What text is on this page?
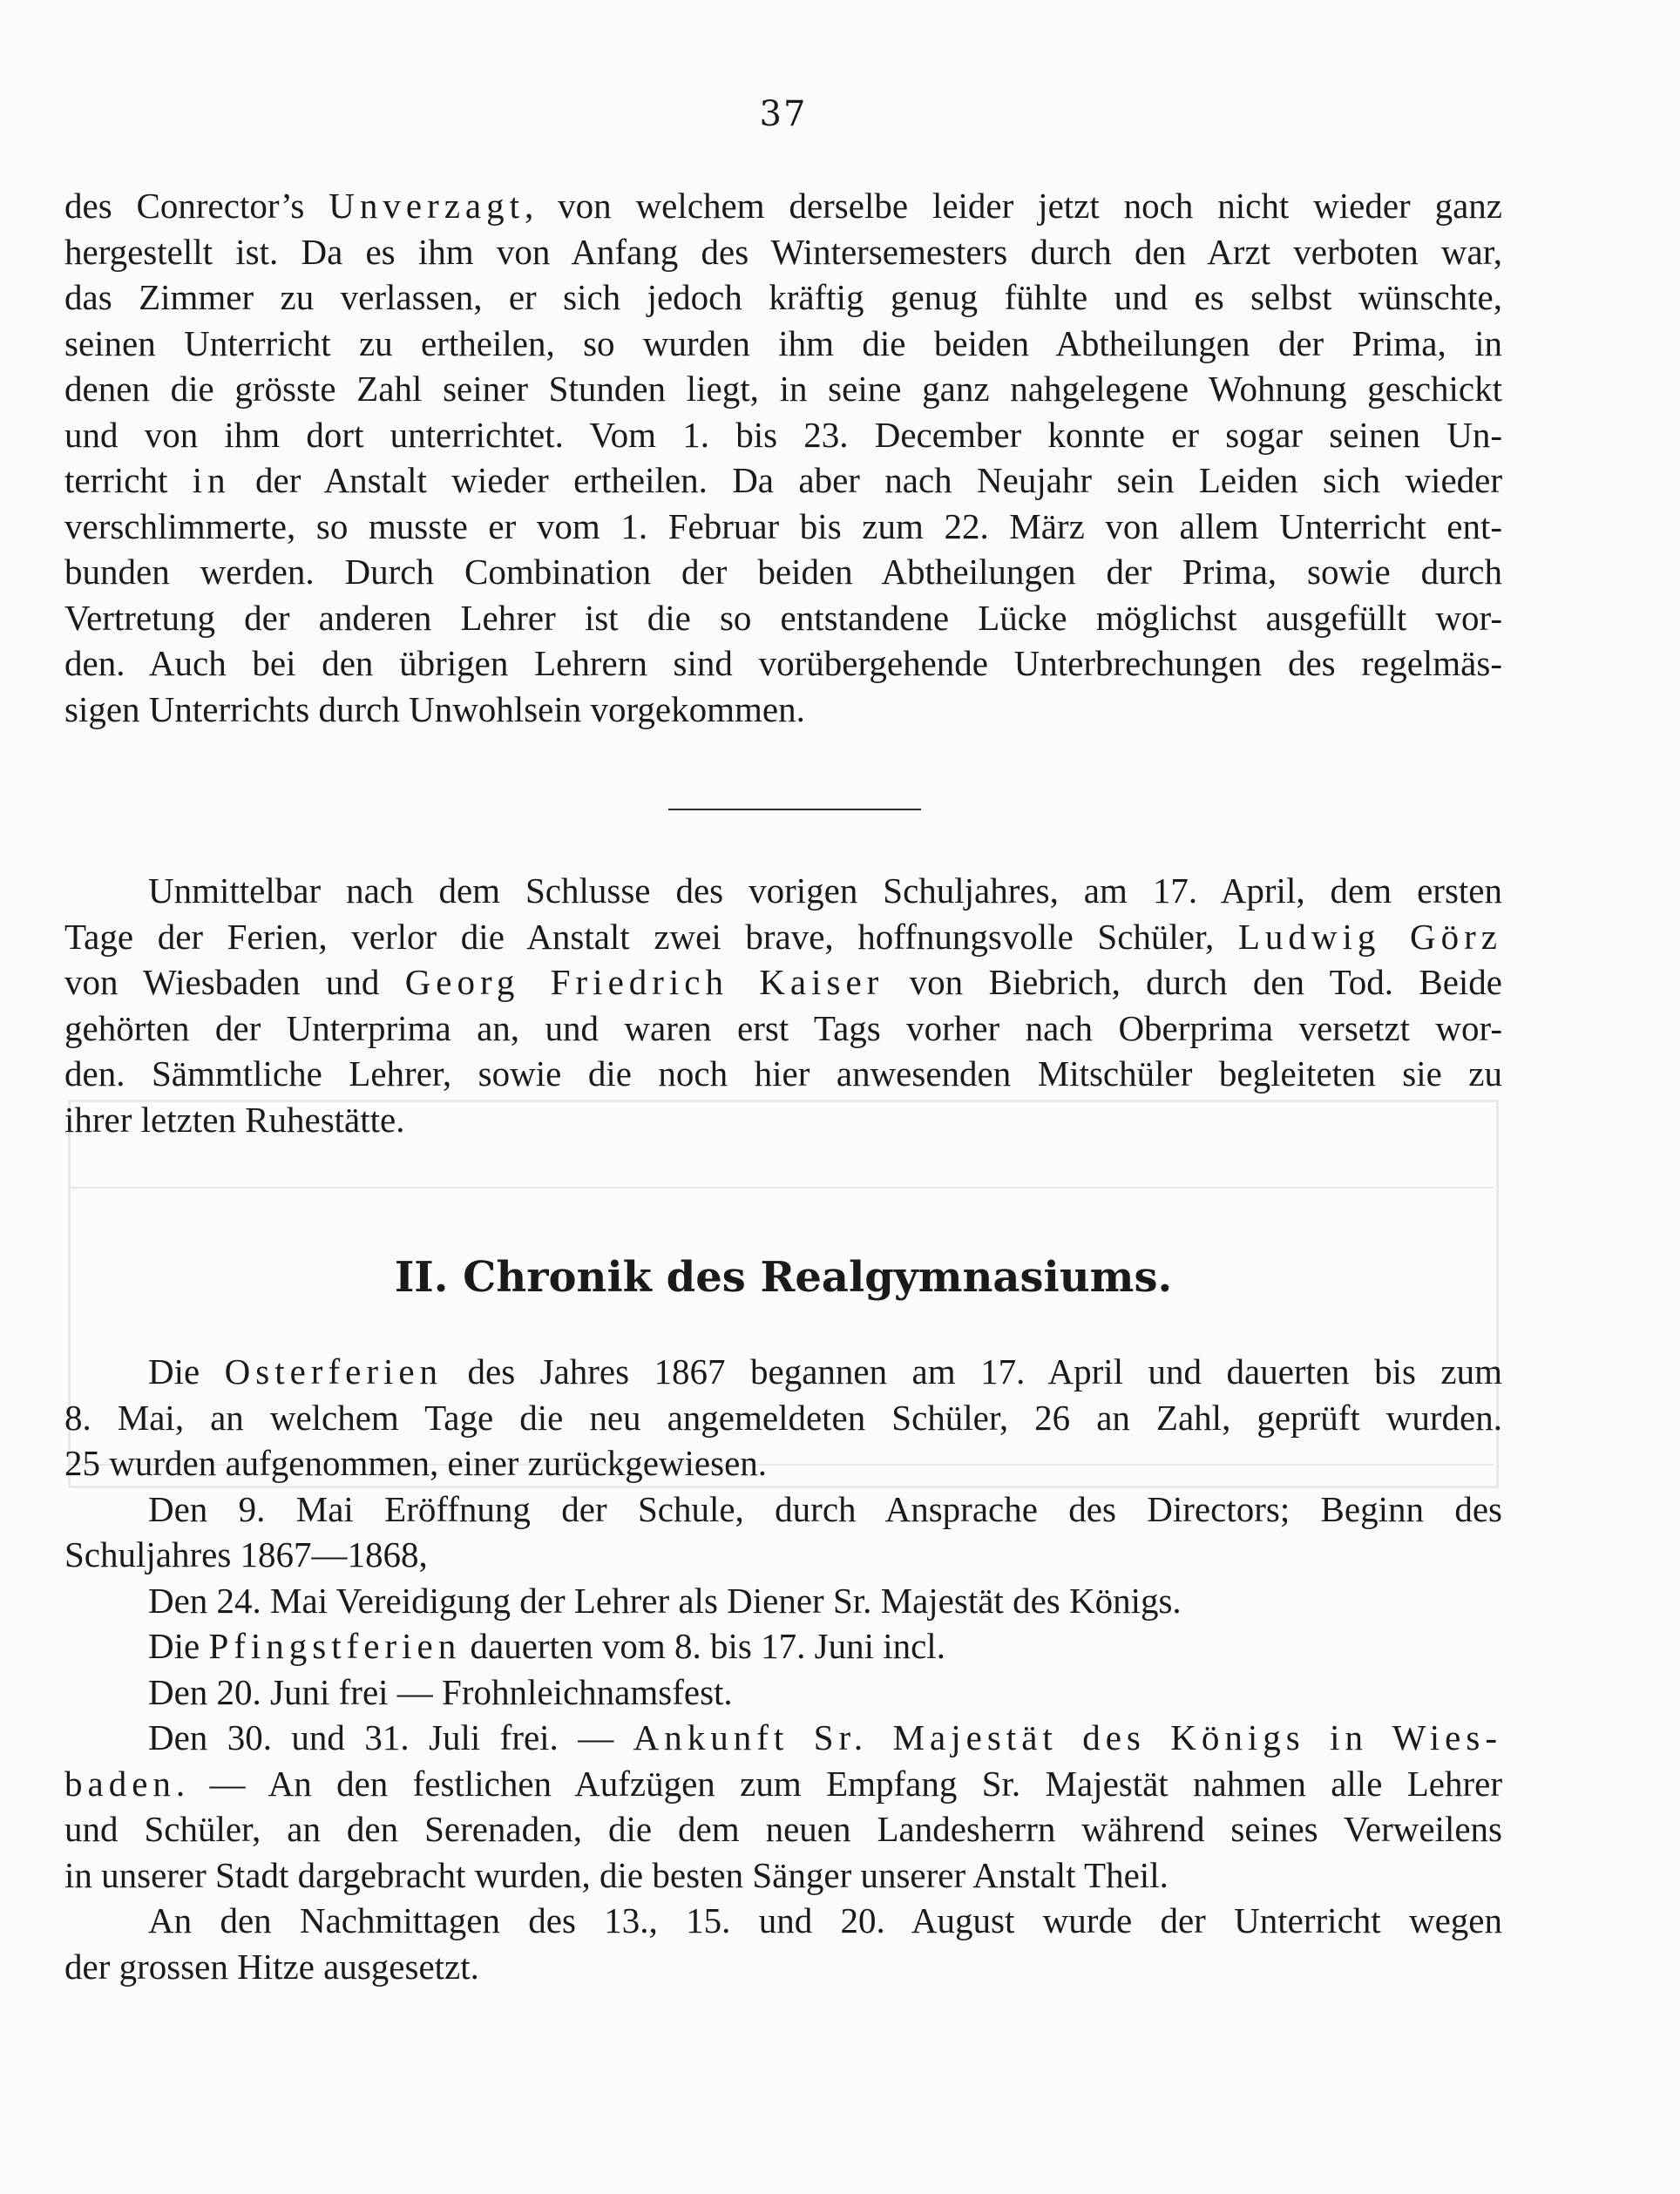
37

des Conrector’s Unverzagt, von welchem derselbe leider jetzt noch nicht wieder ganz

hergestellt ist. Da es ihm von Anfang des Wintersemesters durch den Arzt verboten war,

das Zimmer zu verlassen, er sich jedoch kräftig genug fühlte und es selbst wünschte,

seinen Unterricht zu ertheilen, so wurden ihm die beiden Abtheilungen der Prima, in

denen die grösste Zahl seiner Stunden liegt, in seine ganz nahgelegene Wohnung geschickt

und von ihm dort unterrichtet. Vom 1. bis 23. December konnte er sogar seinen Un-

terricht in der Anstalt wieder ertheilen. Da aber nach Neujahr sein Leiden sich wieder

verschlimmerte, so musste er vom 1. Februar bis zum 22. März von allem Unterricht ent-

bunden werden. Durch Combination der beiden Abtheilungen der Prima, sowie durch

Vertretung der anderen Lehrer ist die so entstandene Lücke möglichst ausgefüllt wor-

den. Auch bei den übrigen Lehrern sind vorübergehende Unterbrechungen des regelmäs-

sigen Unterrichts durch Unwohlsein vorgekommen.

Unmittelbar nach dem Schlusse des vorigen Schuljahres, am 17. April, dem ersten

Tage der Ferien, verlor die Anstalt zwei brave, hoffnungsvolle Schüler, Ludwig Görz

von Wiesbaden und Georg Friedrich Kaiser von Biebrich, durch den Tod. Beide

gehörten der Unterprima an, und waren erst Tags vorher nach Oberprima versetzt wor-

den. Sämmtliche Lehrer, sowie die noch hier anwesenden Mitschüler begleiteten sie zu

ihrer letzten Ruhestätte.

II. Chronik des Realgymnasiums.

Die Osterferien des Jahres 1867 begannen am 17. April und dauerten bis zum

8. Mai, an welchem Tage die neu angemeldeten Schüler, 26 an Zahl, geprüft wurden.

25 wurden aufgenommen, einer zurückgewiesen.

Den 9. Mai Eröffnung der Schule, durch Ansprache des Directors; Beginn des

Schuljahres 1867—1868,

Den 24. Mai Vereidigung der Lehrer als Diener Sr. Majestät des Königs.

Die Pfingstferien dauerten vom 8. bis 17. Juni incl.

Den 20. Juni frei — Frohnleichnamsfest.

Den 30. und 31. Juli frei. — Ankunft Sr. Majestät des Königs in Wies-

baden. — An den festlichen Aufzügen zum Empfang Sr. Majestät nahmen alle Lehrer

und Schüler, an den Serenaden, die dem neuen Landesherrn während seines Verweilens

in unserer Stadt dargebracht wurden, die besten Sänger unserer Anstalt Theil.

An den Nachmittagen des 13., 15. und 20. August wurde der Unterricht wegen

der grossen Hitze ausgesetzt.
